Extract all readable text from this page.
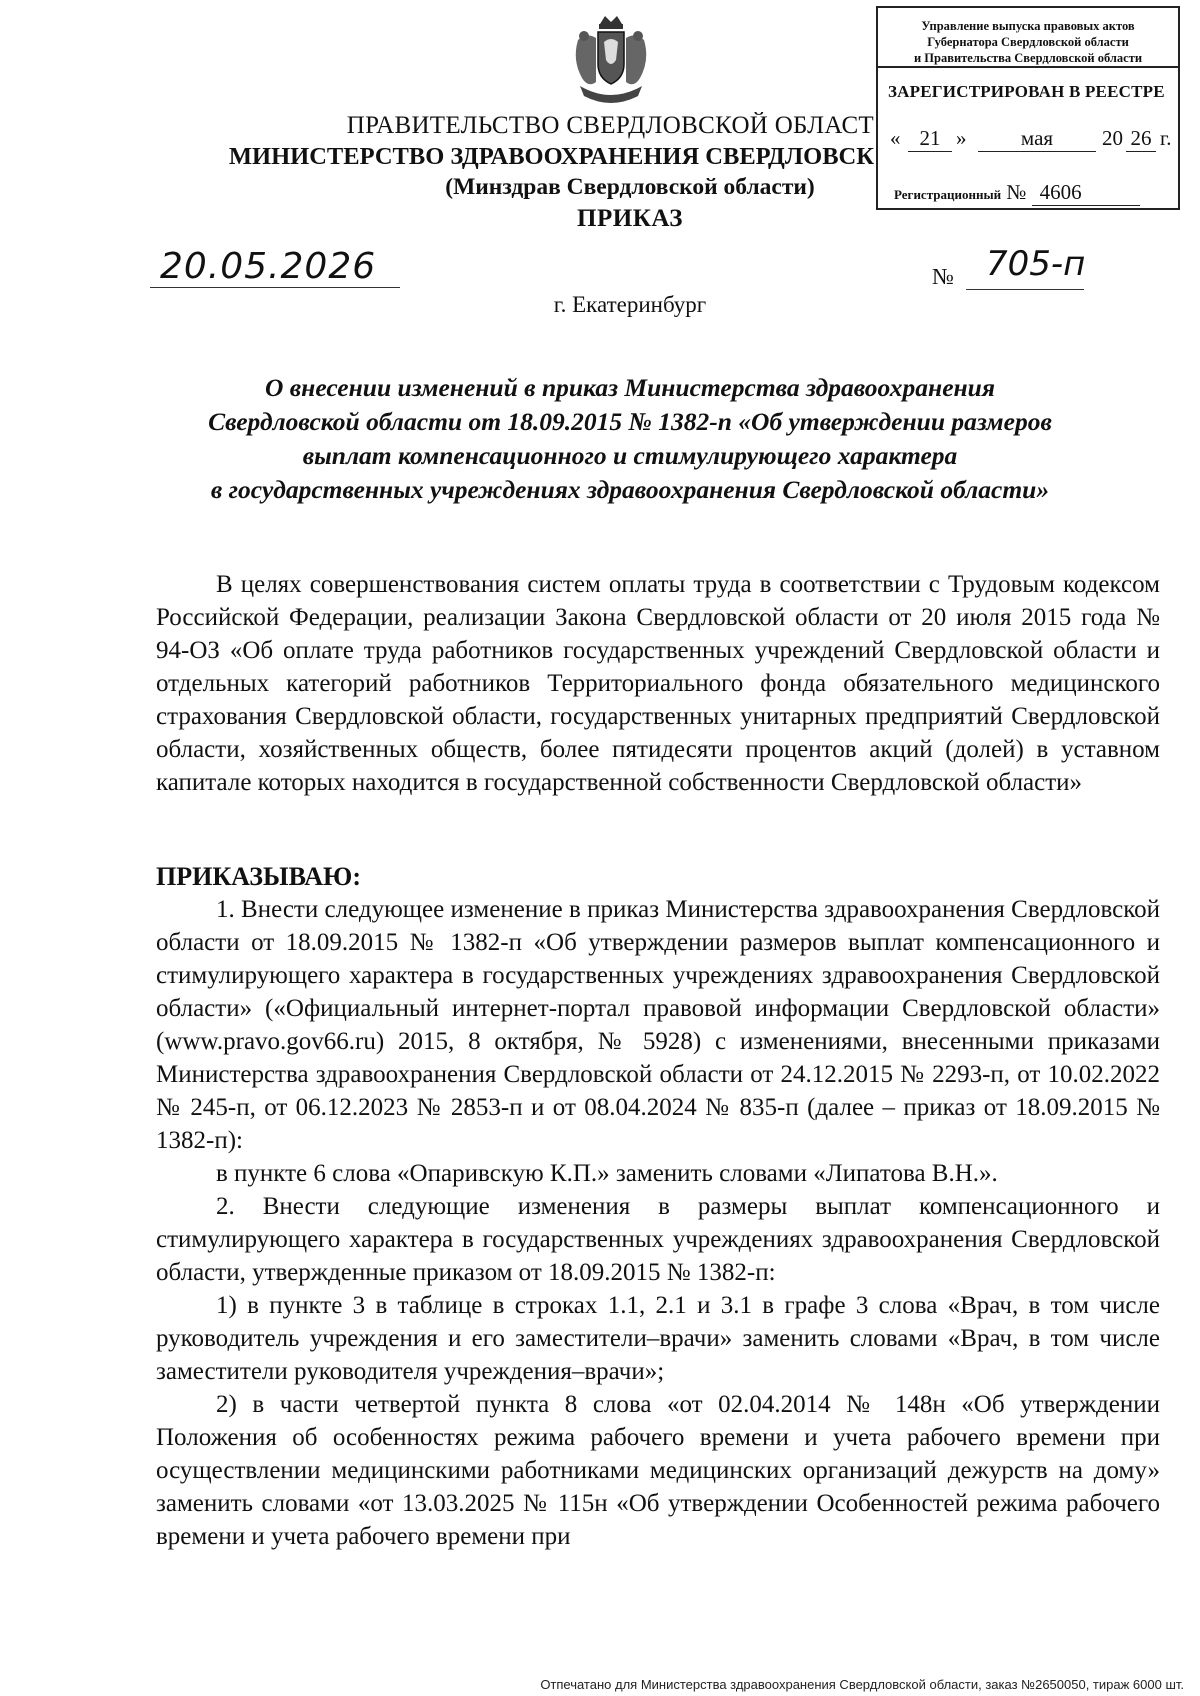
Управление выпуска правовых актов
Губернатора Свердловской области
и Правительства Свердловской области
ЗАРЕГИСТРИРОВАН В РЕЕСТРЕ
« 21 »	мая	20 26 г.
Регистрационный № 4606
ПРАВИТЕЛЬСТВО СВЕРДЛОВСКОЙ ОБЛАСТ
МИНИСТЕРСТВО ЗДРАВООХРАНЕНИЯ СВЕРДЛОВСК
(Минздрав Свердловской области)
ПРИКАЗ
20.05.2026	№ 705-п
г. Екатеринбург
О внесении изменений в приказ Министерства здравоохранения
Свердловской области от 18.09.2015 № 1382-п «Об утверждении размеров
выплат компенсационного и стимулирующего характера
в государственных учреждениях здравоохранения Свердловской области»

В целях совершенствования систем оплаты труда в соответствии с Трудовым кодексом Российской Федерации, реализации Закона Свердловской области от 20 июля 2015 года № 94-ОЗ «Об оплате труда работников государственных учреждений Свердловской области и отдельных категорий работников Территориального фонда обязательного медицинского страхования Свердловской области, государственных унитарных предприятий Свердловской области, хозяйственных обществ, более пятидесяти процентов акций (долей) в уставном капитале которых находится в государственной собственности Свердловской области»

ПРИКАЗЫВАЮ:

1. Внести следующее изменение в приказ Министерства здравоохранения Свердловской области от 18.09.2015 № 1382-п «Об утверждении размеров выплат компенсационного и стимулирующего характера в государственных учреждениях здравоохранения Свердловской области» («Официальный интернет-портал правовой информации Свердловской области» (www.pravo.gov66.ru) 2015, 8 октября, № 5928) с изменениями, внесенными приказами Министерства здравоохранения Свердловской области от 24.12.2015 № 2293-п, от 10.02.2022 № 245-п, от 06.12.2023 № 2853-п и от 08.04.2024 № 835-п (далее – приказ от 18.09.2015 № 1382-п):

в пункте 6 слова «Опаривскую К.П.» заменить словами «Липатова В.Н.».

2. Внести следующие изменения в размеры выплат компенсационного и стимулирующего характера в государственных учреждениях здравоохранения Свердловской области, утвержденные приказом от 18.09.2015 № 1382-п:

1) в пункте 3 в таблице в строках 1.1, 2.1 и 3.1 в графе 3 слова «Врач, в том числе руководитель учреждения и его заместители–врачи» заменить словами «Врач, в том числе заместители руководителя учреждения–врачи»;

2) в части четвертой пункта 8 слова «от 02.04.2014 № 148н «Об утверждении Положения об особенностях режима рабочего времени и учета рабочего времени при осуществлении медицинскими работниками медицинских организаций дежурств на дому» заменить словами «от 13.03.2025 № 115н «Об утверждении Особенностей режима рабочего времени и учета рабочего времени при

Отпечатано для Министерства здравоохранения Свердловской области, заказ №2650050, тираж 6000 шт.
